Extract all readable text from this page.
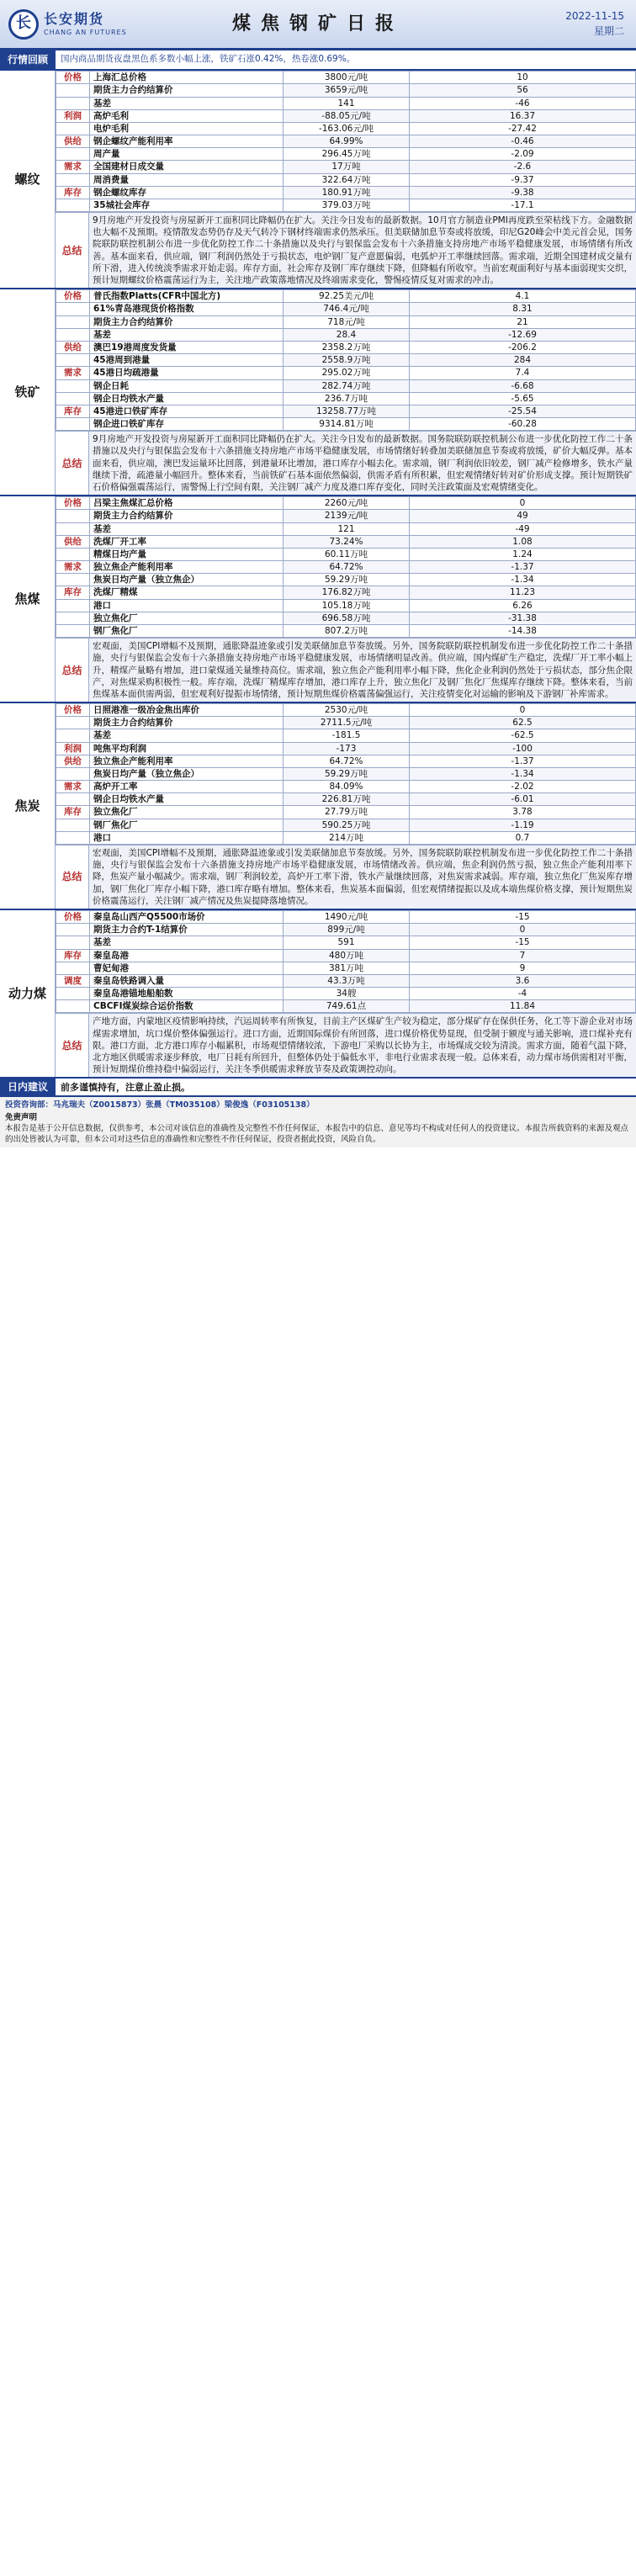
长 长安期货
CHANG AN FUTURES	煤焦钢矿日报	2022-11-15
星期二
行情回顾	国内商品期货夜盘黑色系多数小幅上涨，铁矿石涨0.42%，热卷涨0.69%。
螺纹
价格	上海汇总价格	3800元/吨	10
	期货主力合约结算价	3659元/吨	56
	基差	141	-46
利润	高炉毛利	-88.05元/吨	16.37
	电炉毛利	-163.06元/吨	-27.42
供给	钢企螺纹产能利用率	64.99%	-0.46
	周产量	296.45万吨	-2.09
需求	全国建材日成交量	17万吨	-2.6
	周消费量	322.64万吨	-9.37
库存	钢企螺纹库存	180.91万吨	-9.38
	35城社会库存	379.03万吨	-17.1
总结
9月房地产开发投资与房屋新开工面积同比降幅仍在扩大。关注今日发布的最新数据。10月官方制造业PMI再度跌至荣枯线下方。金融数据也大幅不及预期。疫情散发态势仍存及天气转冷下钢材终端需求仍然承压。但美联储加息节奏或将放缓，印尼G20峰会中美元首会见，国务院联防联控机制公布进一步优化防控工作二十条措施以及央行与银保监会发布十六条措施支持房地产市场平稳健康发展，市场情绪有所改善。基本面来看，供应端，钢厂利润仍然处于亏损状态，电炉钢厂复产意愿偏弱，电弧炉开工率继续回落。需求端，近期全国建材成交量有所下滑，进入传统淡季需求开始走弱。库存方面，社会库存及钢厂库存继续下降，但降幅有所收窄。当前宏观面利好与基本面弱现实交织，预计短期螺纹价格震荡运行为主，关注地产政策落地情况及终端需求变化，警惕疫情反复对需求的冲击。
铁矿
价格	普氏指数Platts(CFR中国北方)	92.25美元/吨	4.1
	61%青岛港现货价格指数	746.4元/吨	8.31
	期货主力合约结算价	718元/吨	21
	基差	28.4	-12.69
供给	澳巴19港周度发货量	2358.2万吨	-206.2
	45港周到港量	2558.9万吨	284
需求	45港日均疏港量	295.02万吨	7.4
	钢企日耗	282.74万吨	-6.68
	钢企日均铁水产量	236.7万吨	-5.65
库存	45港进口铁矿库存	13258.77万吨	-25.54
	钢企进口铁矿库存	9314.81万吨	-60.28
总结
9月房地产开发投资与房屋新开工面积同比降幅仍在扩大。关注今日发布的最新数据。国务院联防联控机制公布进一步优化防控工作二十条措施以及央行与银保监会发布十六条措施支持房地产市场平稳健康发展，市场情绪好转叠加美联储加息节奏或将放缓，矿价大幅反弹。基本面来看，供应端，澳巴发运量环比回落，到港量环比增加，港口库存小幅去化。需求端，钢厂利润依旧较差，钢厂减产检修增多，铁水产量继续下滑，疏港量小幅回升。整体来看，当前铁矿石基本面依然偏弱，供需矛盾有所积累，但宏观情绪好转对矿价形成支撑。预计短期铁矿石价格偏强震荡运行，需警惕上行空间有限，关注钢厂减产力度及港口库存变化，同时关注政策面及宏观情绪变化。
焦煤
价格	吕梁主焦煤汇总价格	2260元/吨	0
	期货主力合约结算价	2139元/吨	49
	基差	121	-49
供给	洗煤厂开工率	73.24%	1.08
	精煤日均产量	60.11万吨	1.24
需求	独立焦企产能利用率	64.72%	-1.37
	焦炭日均产量（独立焦企）	59.29万吨	-1.34
库存	洗煤厂精煤	176.82万吨	11.23
	港口	105.18万吨	6.26
	独立焦化厂	696.58万吨	-31.38
	钢厂焦化厂	807.2万吨	-14.38
总结
宏观面，美国CPI增幅不及预期，通胀降温迹象或引发美联储加息节奏放缓。另外，国务院联防联控机制发布进一步优化防控工作二十条措施，央行与银保监会发布十六条措施支持房地产市场平稳健康发展，市场情绪明显改善。供应端，国内煤矿生产稳定，洗煤厂开工率小幅上升，精煤产量略有增加，进口蒙煤通关量维持高位。需求端，独立焦企产能利用率小幅下降，焦化企业利润仍然处于亏损状态，部分焦企限产，对焦煤采购积极性一般。库存端，洗煤厂精煤库存增加，港口库存上升，独立焦化厂及钢厂焦化厂焦煤库存继续下降。整体来看，当前焦煤基本面供需两弱，但宏观利好提振市场情绪，预计短期焦煤价格震荡偏强运行，关注疫情变化对运输的影响及下游钢厂补库需求。
焦炭
价格	日照港准一级冶金焦出库价	2530元/吨	0
	期货主力合约结算价	2711.5元/吨	62.5
	基差	-181.5	-62.5
利润	吨焦平均利润	-173	-100
供给	独立焦企产能利用率	64.72%	-1.37
	焦炭日均产量（独立焦企）	59.29万吨	-1.34
需求	高炉开工率	84.09%	-2.02
	钢企日均铁水产量	226.81万吨	-6.01
库存	独立焦化厂	27.79万吨	3.78
	钢厂焦化厂	590.25万吨	-1.19
	港口	214万吨	0.7
总结
宏观面，美国CPI增幅不及预期，通胀降温迹象或引发美联储加息节奏放缓。另外，国务院联防联控机制发布进一步优化防控工作二十条措施，央行与银保监会发布十六条措施支持房地产市场平稳健康发展，市场情绪改善。供应端，焦企利润仍然亏损，独立焦企产能利用率下降，焦炭产量小幅减少。需求端，钢厂利润较差，高炉开工率下滑，铁水产量继续回落，对焦炭需求减弱。库存端，独立焦化厂焦炭库存增加，钢厂焦化厂库存小幅下降，港口库存略有增加。整体来看，焦炭基本面偏弱，但宏观情绪提振以及成本端焦煤价格支撑，预计短期焦炭价格震荡运行，关注钢厂减产情况及焦炭提降落地情况。
动力煤
价格	秦皇岛山西产Q5500市场价	1490元/吨	-15
	期货主力合约T-1结算价	899元/吨	0
	基差	591	-15
库存	秦皇岛港	480万吨	7
	曹妃甸港	381万吨	9
调度	秦皇岛铁路调入量	43.3万吨	3.6
	秦皇岛港锚地船舶数	34艘	-4
	CBCFI煤炭综合运价指数	749.61点	11.84
总结
产地方面，内蒙地区疫情影响持续，汽运周转率有所恢复，目前主产区煤矿生产较为稳定，部分煤矿存在保供任务，化工等下游企业对市场煤需求增加，坑口煤价整体偏强运行。进口方面，近期国际煤价有所回落，进口煤价格优势显现，但受制于额度与通关影响，进口煤补充有限。港口方面，北方港口库存小幅累积，市场观望情绪较浓，下游电厂采购以长协为主，市场煤成交较为清淡。需求方面，随着气温下降，北方地区供暖需求逐步释放，电厂日耗有所回升，但整体仍处于偏低水平，非电行业需求表现一般。总体来看，动力煤市场供需相对平衡，预计短期煤价维持稳中偏弱运行，关注冬季供暖需求释放节奏及政策调控动向。
日内建议	前多谨慎持有，注意止盈止损。
投资咨询部：马兆瑞夫（Z0015873）张晨（TM035108）梁俊逸（F03105138）
免责声明
本报告是基于公开信息数据，仅供参考，本公司对该信息的准确性及完整性不作任何保证，本报告中的信息、意见等均不构成对任何人的投资建议。本报告所载资料的来源及观点的出处皆被认为可靠，但本公司对这些信息的准确性和完整性不作任何保证，投资者据此投资，风险自负。
